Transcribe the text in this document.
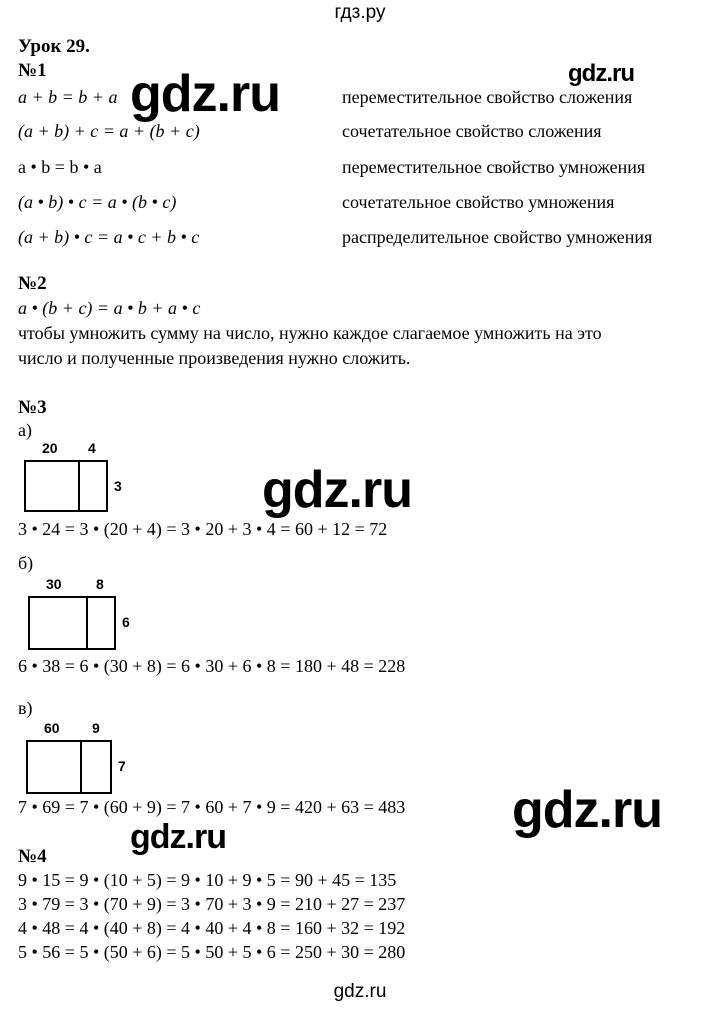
гдз.ру
Урок 29.
№1
a + b = b + a	переместительное свойство сложения
(a + b) + c = a + (b + c)	сочетательное свойство сложения
a • b = b • a	переместительное свойство умножения
(a • b) • c = a • (b • c)	сочетательное свойство умножения
(a + b) • c = a • c + b • c	распределительное свойство умножения
gdz.ru	gdz.ru
gdz.ru
gdz.ru
gdz.ru
№2
a • (b + c) = a • b + a • c
чтобы умножить сумму на число, нужно каждое слагаемое умножить на это
число и полученные произведения нужно сложить.
№3
а)
20 4
3
3 • 24 = 3 • (20 + 4) = 3 • 20 + 3 • 4 = 60 + 12 = 72
б)
30 8
6
6 • 38 = 6 • (30 + 8) = 6 • 30 + 6 • 8 = 180 + 48 = 228
в)
60 9
7
7 • 69 = 7 • (60 + 9) = 7 • 60 + 7 • 9 = 420 + 63 = 483
№4
9 • 15 = 9 • (10 + 5) = 9 • 10 + 9 • 5 = 90 + 45 = 135
3 • 79 = 3 • (70 + 9) = 3 • 70 + 3 • 9 = 210 + 27 = 237
4 • 48 = 4 • (40 + 8) = 4 • 40 + 4 • 8 = 160 + 32 = 192
5 • 56 = 5 • (50 + 6) = 5 • 50 + 5 • 6 = 250 + 30 = 280
gdz.ru
